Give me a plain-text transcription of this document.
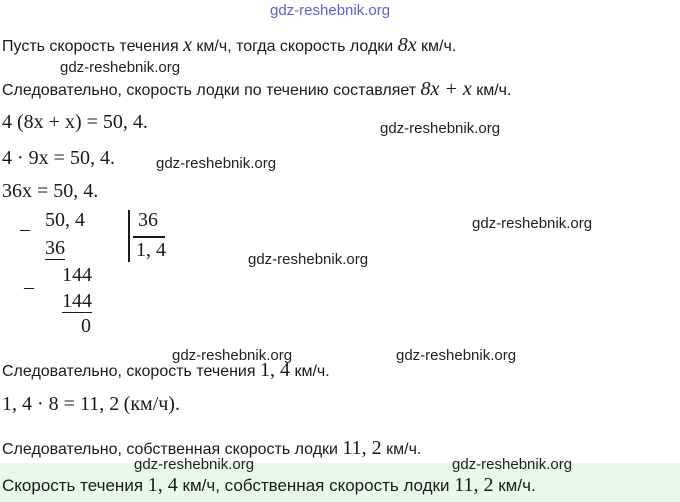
gdz-reshebnik.org
Пусть скорость течения x км/ч, тогда скорость лодки 8x км/ч.
gdz-reshebnik.org
Следовательно, скорость лодки по течению составляет 8x + x км/ч.
4 (8x + x) = 50, 4.	gdz-reshebnik.org
4 · 9x = 50, 4.	gdz-reshebnik.org
36x = 50, 4.
– 50, 4
36
36
1, 4
–
144
144
0
gdz-reshebnik.org
gdz-reshebnik.org
Следовательно, скорость течения 1, 4 км/ч.
gdz-reshebnik.org	gdz-reshebnik.org
1, 4 · 8 = 11, 2 (км/ч).
Следовательно, собственная скорость лодки 11, 2 км/ч.
gdz-reshebnik.org	gdz-reshebnik.org
Скорость течения 1, 4 км/ч, собственная скорость лодки 11, 2 км/ч.
